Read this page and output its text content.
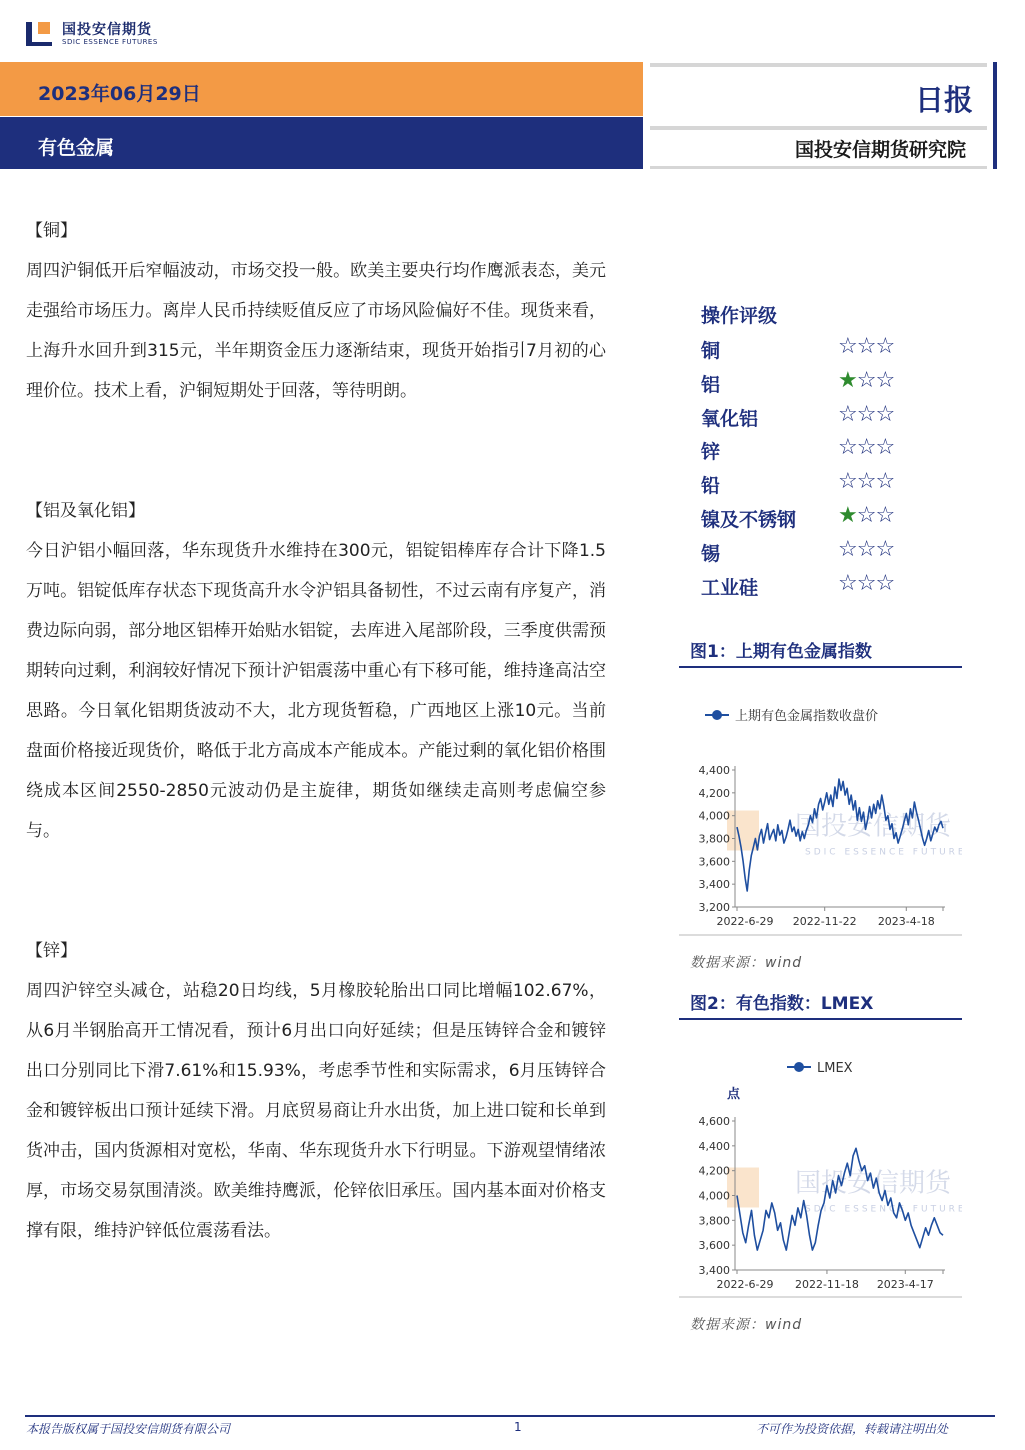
国投安信期货
SDIC ESSENCE FUTURES
2023年06月29日
有色金属
日报
国投安信期货研究院
【铜】

周四沪铜低开后窄幅波动，市场交投一般。欧美主要央行均作鹰派表态，美元走强给市场压力。离岸人民币持续贬值反应了市场风险偏好不佳。现货来看，上海升水回升到315元，半年期资金压力逐渐结束，现货开始指引7月初的心理价位。技术上看，沪铜短期处于回落，等待明朗。

【铝及氧化铝】

今日沪铝小幅回落，华东现货升水维持在300元，铝锭铝棒库存合计下降1.5万吨。铝锭低库存状态下现货高升水令沪铝具备韧性，不过云南有序复产，消费边际向弱，部分地区铝棒开始贴水铝锭，去库进入尾部阶段，三季度供需预期转向过剩，利润较好情况下预计沪铝震荡中重心有下移可能，维持逢高沽空思路。今日氧化铝期货波动不大，北方现货暂稳，广西地区上涨10元。当前盘面价格接近现货价，略低于北方高成本产能成本。产能过剩的氧化铝价格围绕成本区间2550-2850元波动仍是主旋律，期货如继续走高则考虑偏空参与。

【锌】

周四沪锌空头减仓，站稳20日均线，5月橡胶轮胎出口同比增幅102.67%，从6月半钢胎高开工情况看，预计6月出口向好延续；但是压铸锌合金和镀锌出口分别同比下滑7.61%和15.93%，考虑季节性和实际需求，6月压铸锌合金和镀锌板出口预计延续下滑。月底贸易商让升水出货，加上进口锭和长单到货冲击，国内货源相对宽松，华南、华东现货升水下行明显。下游观望情绪浓厚，市场交易氛围清淡。欧美维持鹰派，伦锌依旧承压。国内基本面对价格支撑有限，维持沪锌低位震荡看法。

操作评级
铜	☆☆☆
铝	★☆☆
氧化铝	☆☆☆
锌	☆☆☆
铅	☆☆☆
镍及不锈钢 ★☆☆
锡	☆☆☆
工业硅	☆☆☆
图1：上期有色金属指数
国投安信期货
SDIC ESSENCE FUTURES
上期有色金属指数收盘价
3,200
3,400
3,600
3,800
4,000
4,200
4,400
2022-6-29 2022-11-22 2023-4-18
数据来源：wind
图2：有色指数：LMEX
国投安信期货
SDIC ESSENCE FUTURES
LMEX
点
3,400
3,600
3,800
4,000
4,200
4,400
4,600
2022-6-29 2022-11-18 2023-4-17
数据来源：wind
本报告版权属于国投安信期货有限公司	1	不可作为投资依据，转载请注明出处
